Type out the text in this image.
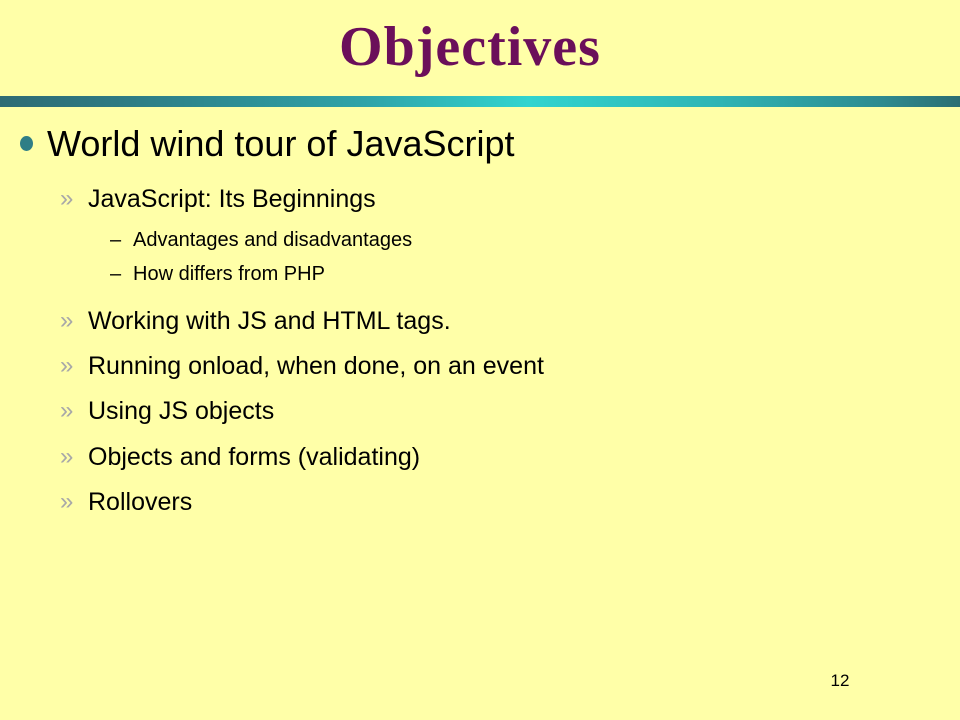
Objectives
World wind tour of JavaScript
» JavaScript: Its Beginnings
– Advantages and disadvantages
– How differs from PHP
» Working with JS and HTML tags.
» Running onload, when done, on an event
» Using JS objects
» Objects and forms (validating)
» Rollovers
12
